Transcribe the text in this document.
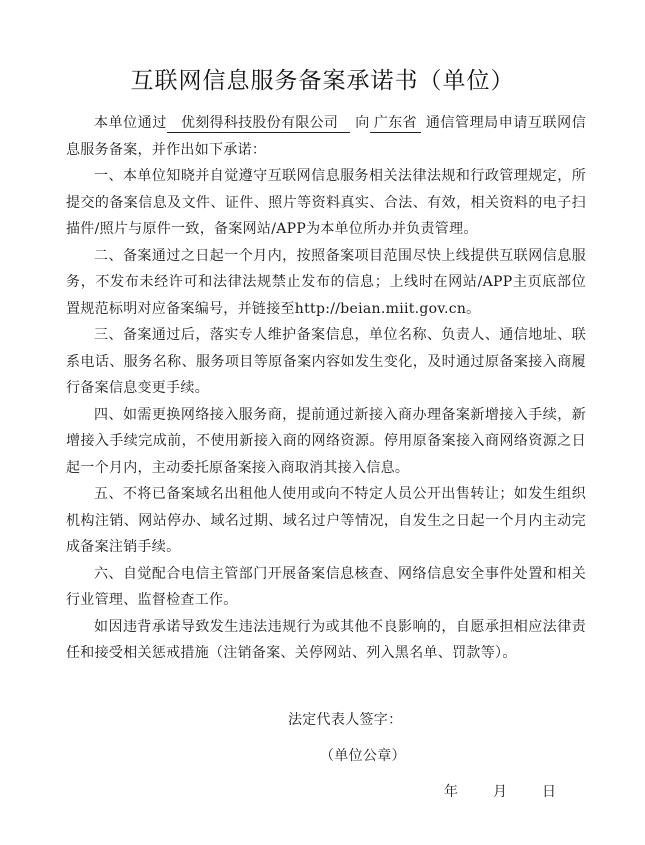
互联网信息服务备案承诺书（单位）

本单位通过 优刻得科技股份有限公司 向 广东省 通信管理局申请互联网信息服务备案，并作出如下承诺：

一、本单位知晓并自觉遵守互联网信息服务相关法律法规和行政管理规定，所提交的备案信息及文件、证件、照片等资料真实、合法、有效，相关资料的电子扫描件/照片与原件一致，备案网站/APP为本单位所办并负责管理。

二、备案通过之日起一个月内，按照备案项目范围尽快上线提供互联网信息服务，不发布未经许可和法律法规禁止发布的信息；上线时在网站/APP主页底部位置规范标明对应备案编号，并链接至http://beian.miit.gov.cn。

三、备案通过后，落实专人维护备案信息，单位名称、负责人、通信地址、联系电话、服务名称、服务项目等原备案内容如发生变化，及时通过原备案接入商履行备案信息变更手续。

四、如需更换网络接入服务商，提前通过新接入商办理备案新增接入手续，新增接入手续完成前，不使用新接入商的网络资源。停用原备案接入商网络资源之日起一个月内，主动委托原备案接入商取消其接入信息。

五、不将已备案域名出租他人使用或向不特定人员公开出售转让；如发生组织机构注销、网站停办、域名过期、域名过户等情况，自发生之日起一个月内主动完成备案注销手续。

六、自觉配合电信主管部门开展备案信息核查、网络信息安全事件处置和相关行业管理、监督检查工作。

如因违背承诺导致发生违法违规行为或其他不良影响的，自愿承担相应法律责任和接受相关惩戒措施（注销备案、关停网站、列入黑名单、罚款等）。

法定代表人签字：
（单位公章）
年 月 日
